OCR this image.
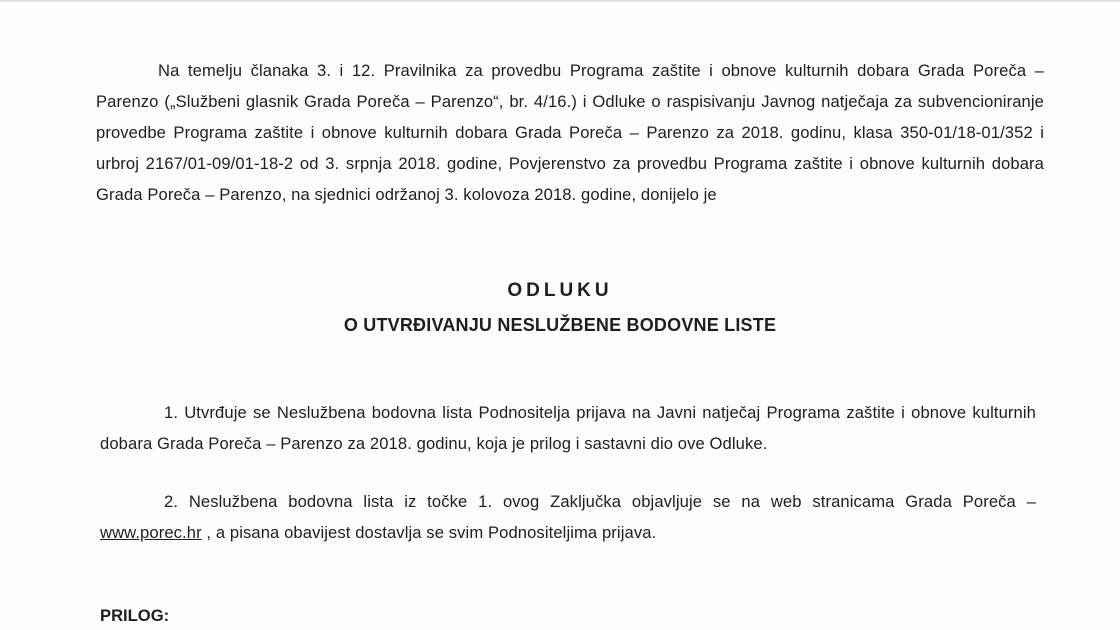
Na temelju članaka 3. i 12. Pravilnika za provedbu Programa zaštite i obnove kulturnih dobara Grada Poreča – Parenzo („Službeni glasnik Grada Poreča – Parenzo“, br. 4/16.) i Odluke o raspisivanju Javnog natječaja za subvencioniranje provedbe Programa zaštite i obnove kulturnih dobara Grada Poreča – Parenzo za 2018. godinu, klasa 350-01/18-01/352 i urbroj 2167/01-09/01-18-2 od 3. srpnja 2018. godine, Povjerenstvo za provedbu Programa zaštite i obnove kulturnih dobara Grada Poreča – Parenzo, na sjednici održanoj 3. kolovoza 2018. godine, donijelo je

ODLUKU
O UTVRĐIVANJU NESLUŽBENE BODOVNE LISTE

1. Utvrđuje se Neslužbena bodovna lista Podnositelja prijava na Javni natječaj Programa zaštite i obnove kulturnih dobara Grada Poreča – Parenzo za 2018. godinu, koja je prilog i sastavni dio ove Odluke.

2. Neslužbena bodovna lista iz točke 1. ovog Zaključka objavljuje se na web stranicama Grada Poreča – www.porec.hr , a pisana obavijest dostavlja se svim Podnositeljima prijava.

PRILOG:
